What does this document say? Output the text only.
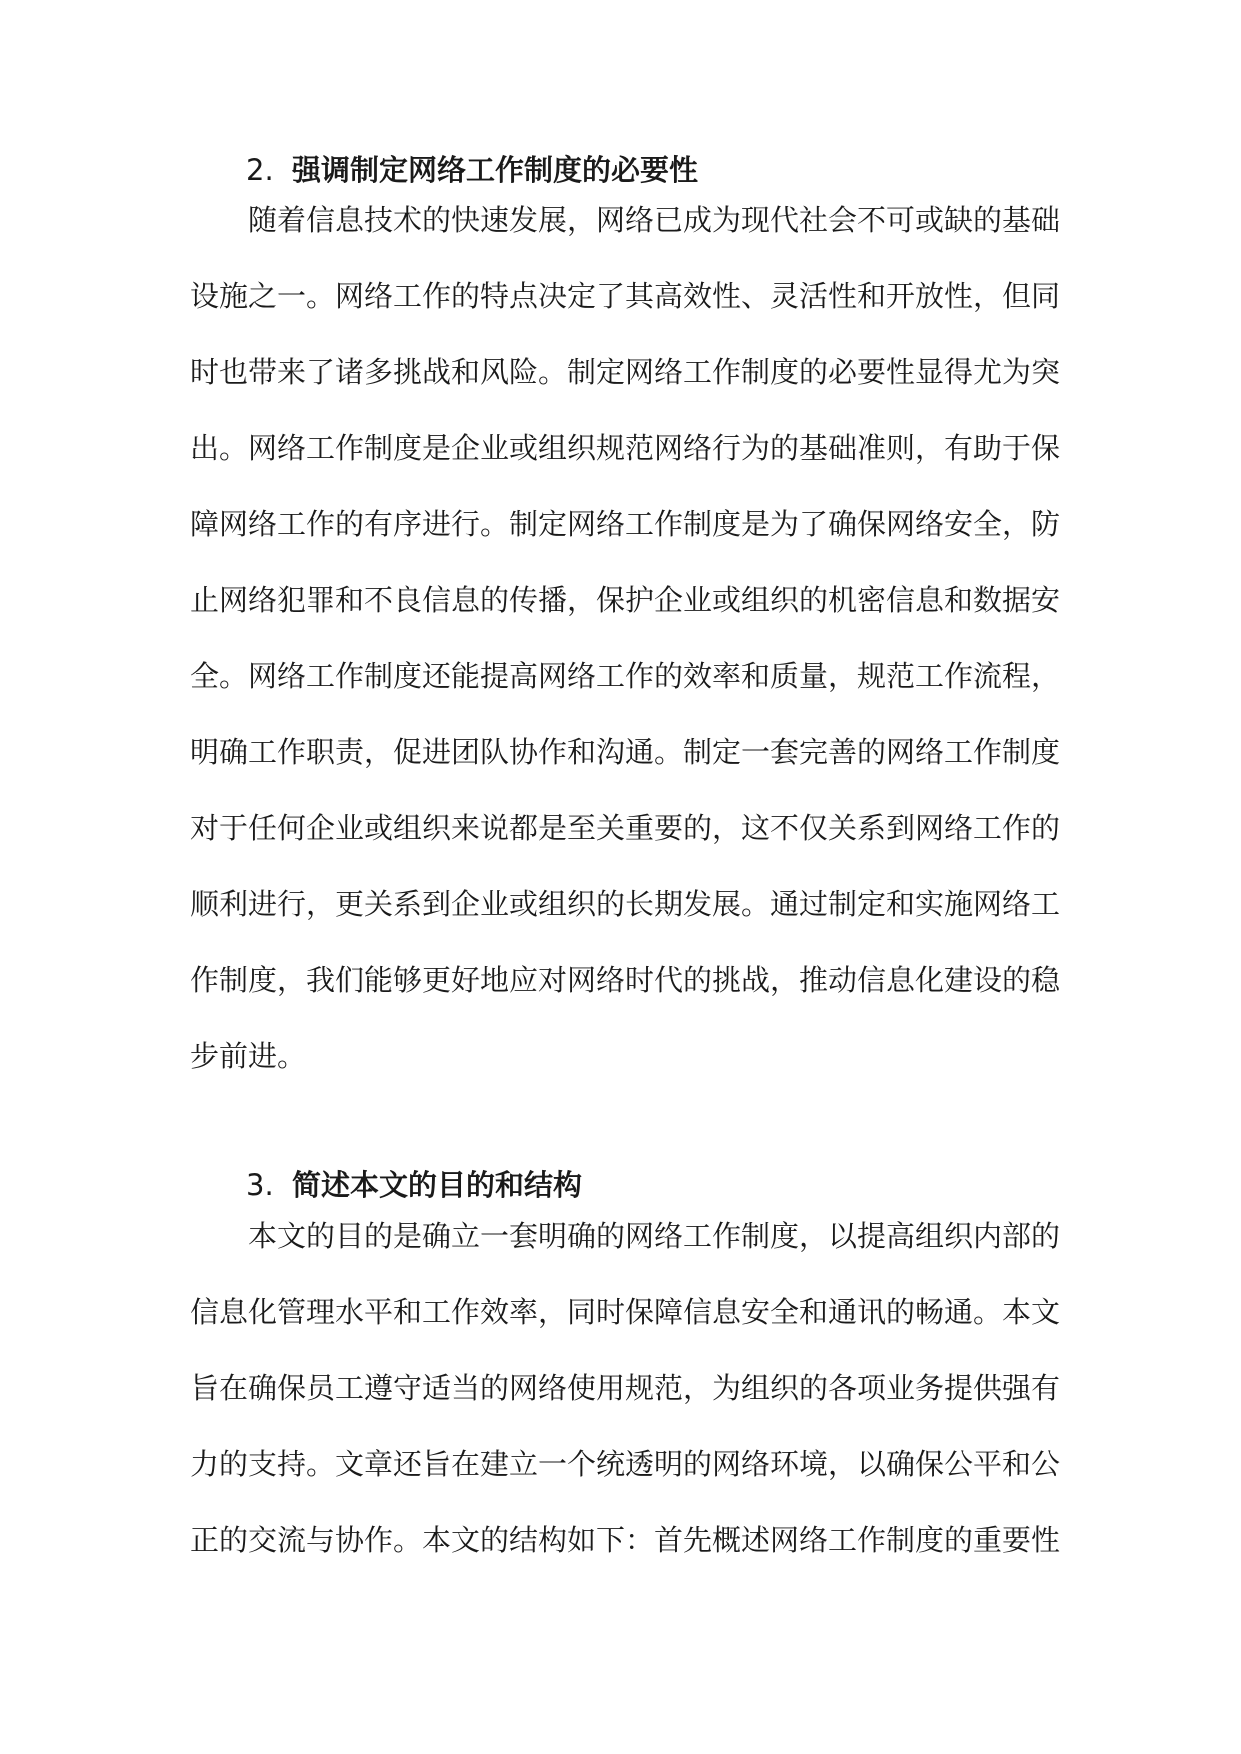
2. 强调制定网络工作制度的必要性
随着信息技术的快速发展，网络已成为现代社会不可或缺的基础
设施之一。网络工作的特点决定了其高效性、灵活性和开放性，但同
时也带来了诸多挑战和风险。制定网络工作制度的必要性显得尤为突
出。网络工作制度是企业或组织规范网络行为的基础准则，有助于保
障网络工作的有序进行。制定网络工作制度是为了确保网络安全，防
止网络犯罪和不良信息的传播，保护企业或组织的机密信息和数据安
全。网络工作制度还能提高网络工作的效率和质量，规范工作流程，
明确工作职责，促进团队协作和沟通。制定一套完善的网络工作制度
对于任何企业或组织来说都是至关重要的，这不仅关系到网络工作的
顺利进行，更关系到企业或组织的长期发展。通过制定和实施网络工
作制度，我们能够更好地应对网络时代的挑战，推动信息化建设的稳
步前进。
3. 简述本文的目的和结构
本文的目的是确立一套明确的网络工作制度，以提高组织内部的
信息化管理水平和工作效率，同时保障信息安全和通讯的畅通。本文
旨在确保员工遵守适当的网络使用规范，为组织的各项业务提供强有
力的支持。文章还旨在建立一个统透明的网络环境，以确保公平和公
正的交流与协作。本文的结构如下：首先概述网络工作制度的重要性
